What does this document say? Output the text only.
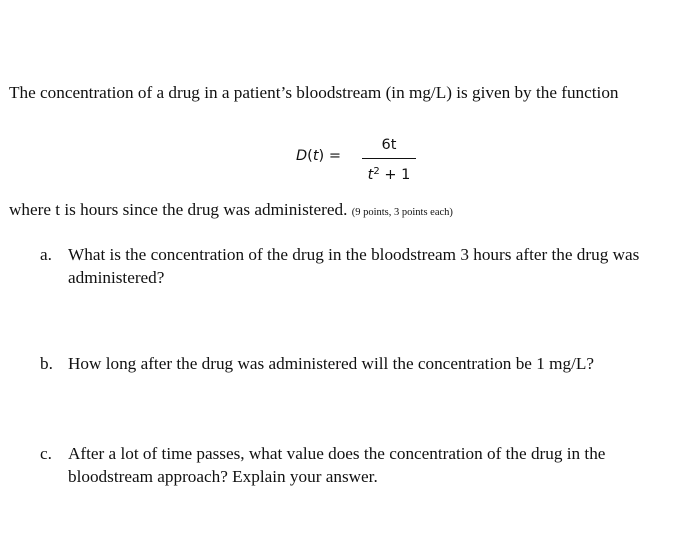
The concentration of a drug in a patient’s bloodstream (in mg/L) is given by the function
D(t) =
6t
$t^2 + 1$
where t is hours since the drug was administered. (9 points, 3 points each)
a. What is the concentration of the drug in the bloodstream 3 hours after the drug was administered?
b. How long after the drug was administered will the concentration be 1 mg/L?
c. After a lot of time passes, what value does the concentration of the drug in the bloodstream approach? Explain your answer.
